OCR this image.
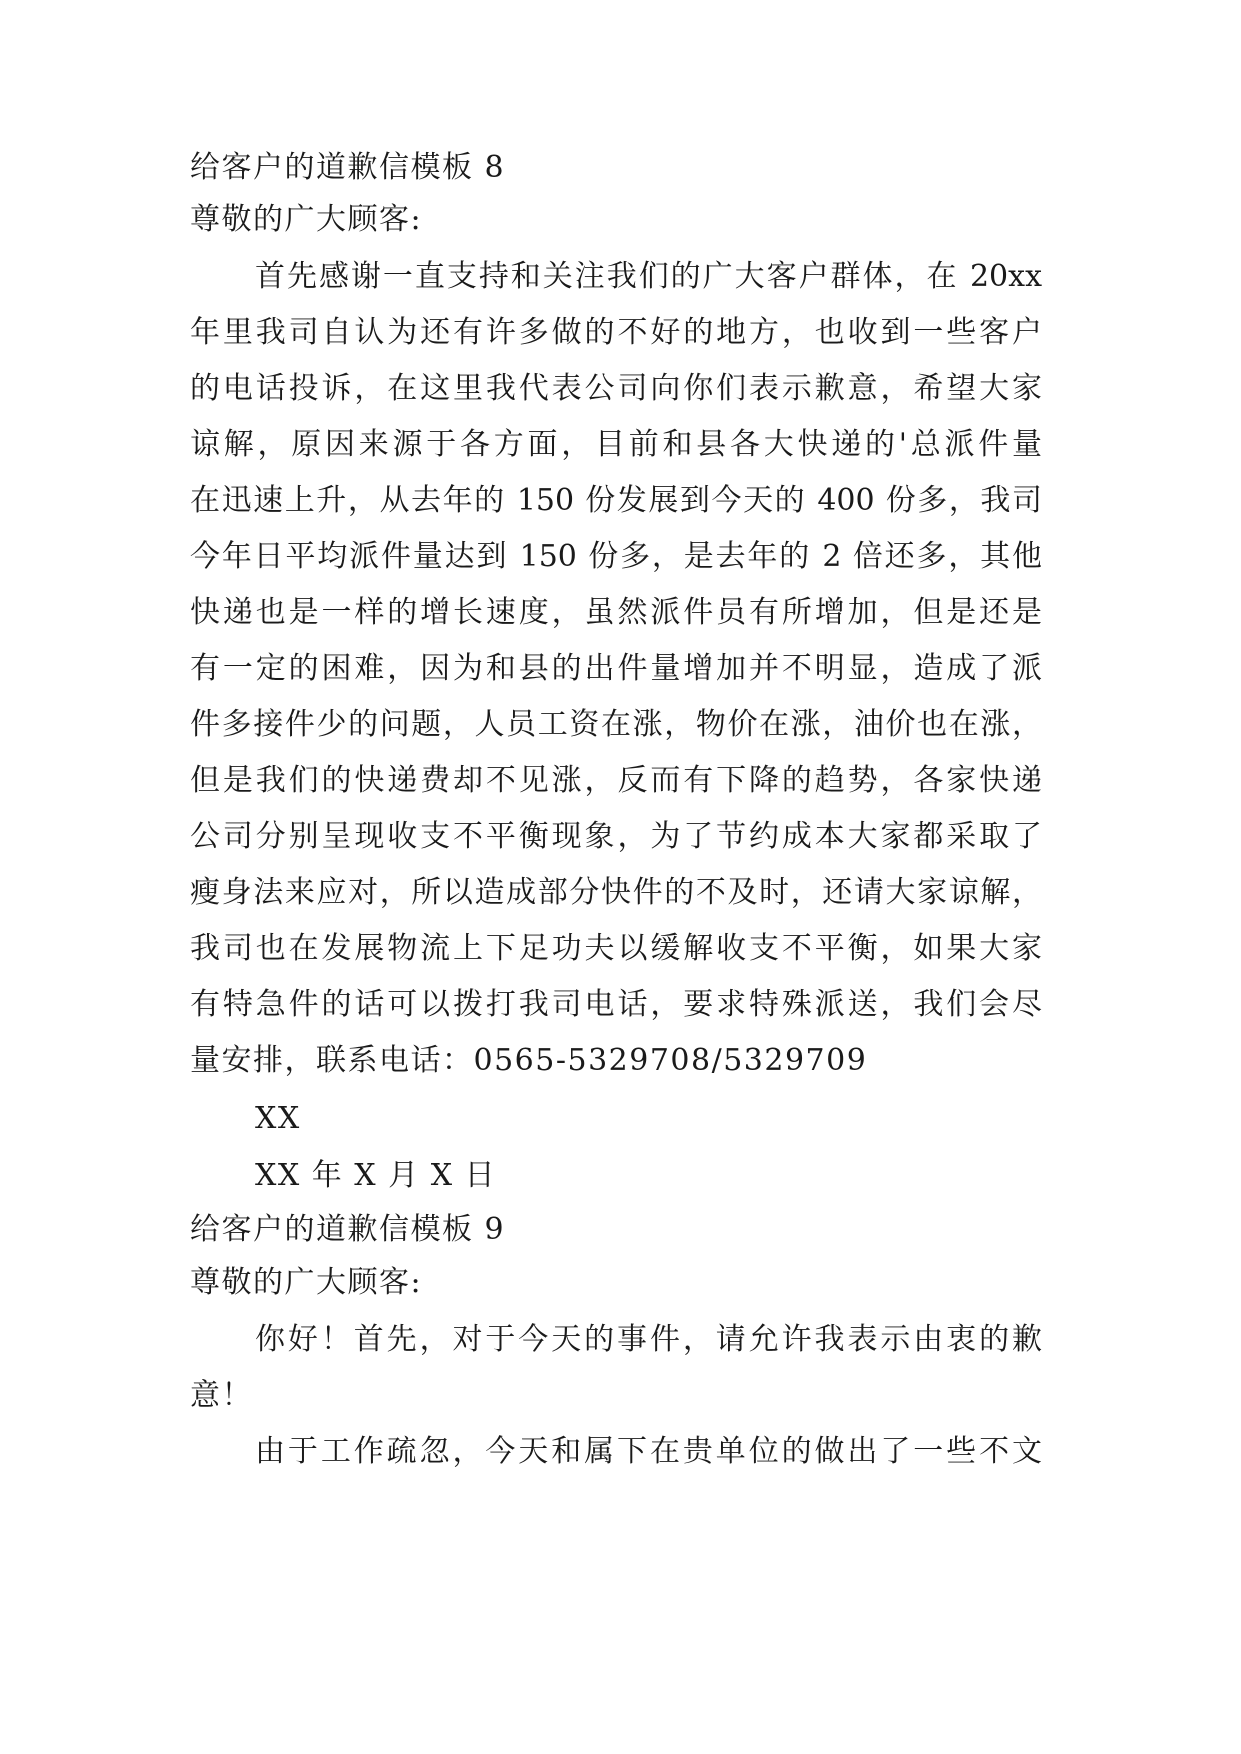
给客户的道歉信模板 8
尊敬的广大顾客:
首先感谢一直支持和关注我们的广大客户群体，在 20xx
年里我司自认为还有许多做的不好的地方，也收到一些客户
的电话投诉，在这里我代表公司向你们表示歉意，希望大家
谅解，原因来源于各方面，目前和县各大快递的'总派件量
在迅速上升，从去年的 150 份发展到今天的 400 份多，我司
今年日平均派件量达到 150 份多，是去年的 2 倍还多，其他
快递也是一样的增长速度，虽然派件员有所增加，但是还是
有一定的困难，因为和县的出件量增加并不明显，造成了派
件多接件少的问题，人员工资在涨，物价在涨，油价也在涨，
但是我们的快递费却不见涨，反而有下降的趋势，各家快递
公司分别呈现收支不平衡现象，为了节约成本大家都采取了
瘦身法来应对，所以造成部分快件的不及时，还请大家谅解，
我司也在发展物流上下足功夫以缓解收支不平衡，如果大家
有特急件的话可以拨打我司电话，要求特殊派送，我们会尽
量安排，联系电话：0565-5329708/5329709
XX
XX 年 X 月 X 日
给客户的道歉信模板 9
尊敬的广大顾客:
你好！首先，对于今天的事件，请允许我表示由衷的歉
意！
由于工作疏忽，今天和属下在贵单位的做出了一些不文
